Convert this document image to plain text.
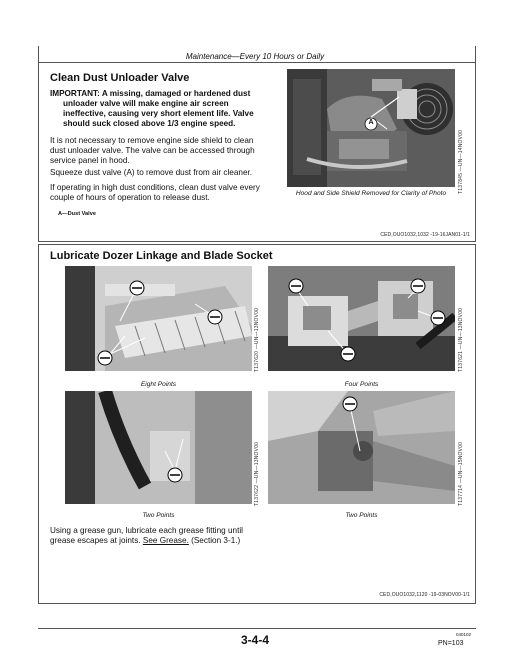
Maintenance—Every 10 Hours or Daily
Clean Dust Unloader Valve
IMPORTANT: A missing, damaged or hardened dust
unloader valve will make engine air screen
ineffective, causing very short element life. Valve
should suck closed above 1/3 engine speed.
It is not necessary to remove engine side shield to clean
dust unloader valve. The valve can be accessed through
service panel in hood.
Squeeze dust valve (A) to remove dust from air cleaner.
If operating in high dust conditions, clean dust valve every
couple of hours of operation to release dust.
A—Dust Valve
A
T137845 —UN—14NOV00
Hood and Side Shield Removed for Clarity of Photo
CED,OUO1032,1032 -19-16JAN01-1/1
Lubricate Dozer Linkage and Blade Socket
T137620 —UN—13NOV00
Eight Points
T137621 —UN—13NOV00
Four Points
T137622 —UN—13NOV00
Two Points
T137714 —UN—15NOV00
Two Points
Using a grease gun, lubricate each grease fitting until
grease escapes at joints. See Grease. (Section 3-1.)
CED,OUO1032,1120 -19-03NOV00-1/1
3-4-4	040102
PN=103
